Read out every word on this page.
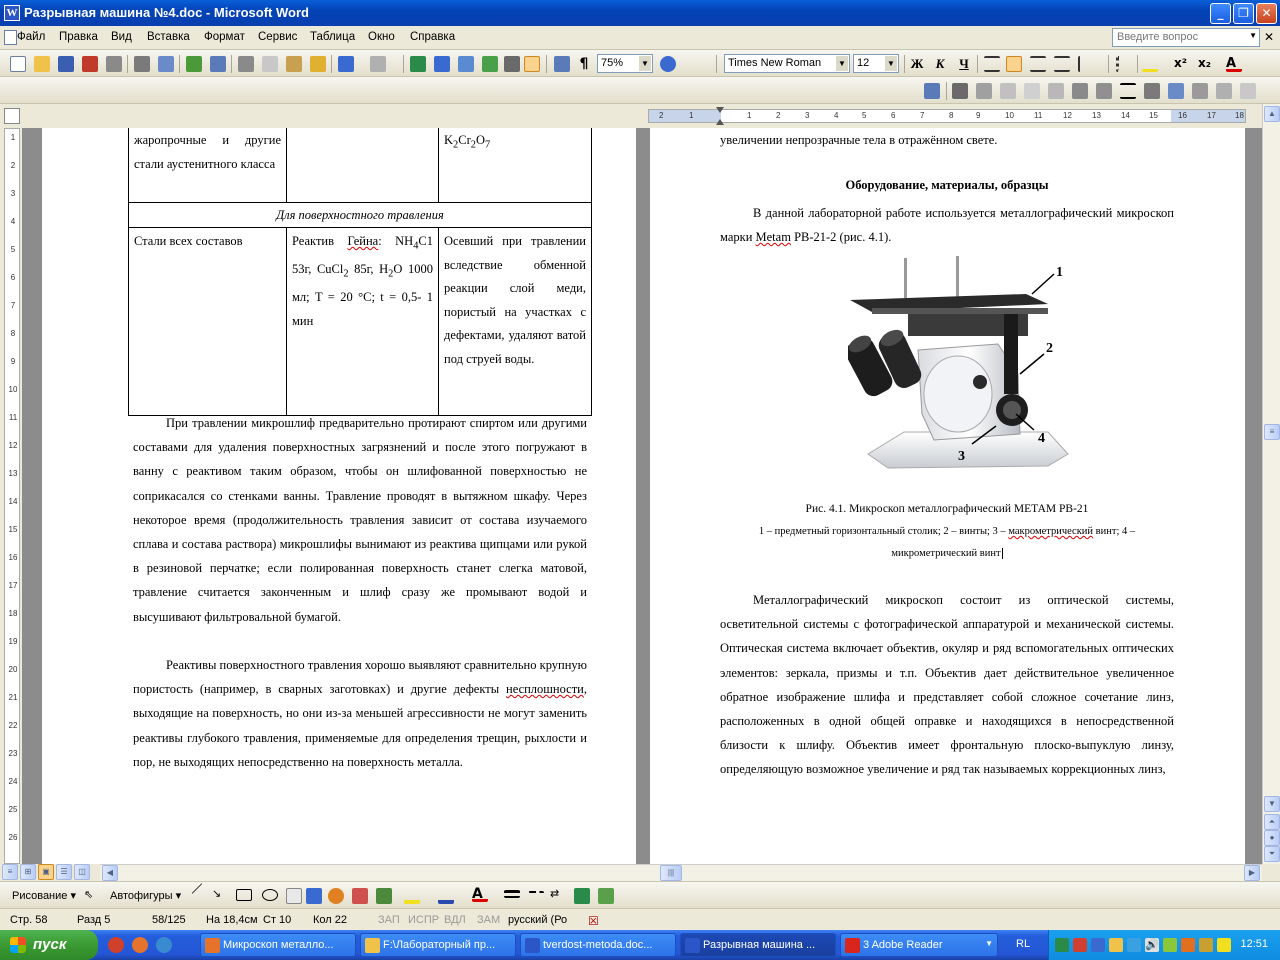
W Разрывная машина №4.doc - Microsoft Word	_	❐	✕
Файл Правка Вид Вставка Формат Сервис Таблица Окно Справка	Введите вопрос	▼ ✕
¶	75% ▼	Times New Roman ▼	12 ▼ Ж К	Ч	x² x₂ A
2	1	1	2	3	4	5	6	7	8	9	10	11	12	13	14 15	16	17 18
1
2
3
4
5
6
7
8
9
10
11
12
13
14
15
16
17
18
19
20
21
22
23
24
25
26
жаропрочные и другие стали аустенитного класса		$K_2Cr_2O_7$
Для поверхностного травления		
Стали всех составов	Реактив Гейна: $NH_4C1$ 53г, CuCl$_2$ 85г, $H_2O$ 1000 мл; T = 20 °C; t = 0,5- 1 мин	Осевший при травлении вследствие обменной реакции слой меди, пористый на участках с дефектами, удаляют ватой под струей воды.
При травлении микрошлиф предварительно протирают спиртом или другими составами для удаления поверхностных загрязнений и после этого погружают в ванну с реактивом таким образом, чтобы он шлифованной поверхностью не соприкасался со стенками ванны. Травление проводят в вытяжном шкафу. Через некоторое время (продолжительность травления зависит от состава изучаемого сплава и состава раствора) микрошлифы вынимают из реактива щипцами или рукой в резиновой перчатке; если полированная поверхность станет слегка матовой, травление считается законченным и шлиф сразу же промывают водой и высушивают фильтровальной бумагой.
Реактивы поверхностного травления хорошо выявляют сравнительно крупную пористость (например, в сварных заготовках) и другие дефекты несплошности, выходящие на поверхность, но они из-за меньшей агрессивности не могут заменить реактивы глубокого травления, применяемые для определения трещин, рыхлости и пор, не выходящих непосредственно на поверхность металла.
увеличении непрозрачные тела в отражённом свете.
Оборудование, материалы, образцы
В данной лабораторной работе используется металлографический микроскоп марки Metam РВ-21-2 (рис. 4.1).
1
2
3
4
Рис. 4.1. Микроскоп металлографический МЕТАМ РВ-21
1 – предметный горизонтальный столик; 2 – винты; 3 – макрометрический винт; 4 – микрометрический винт
Металлографический микроскоп состоит из оптической системы, осветительной системы с фотографической аппаратурой и механической системы. Оптическая система включает объектив, окуляр и ряд вспомогательных оптических элементов: зеркала, призмы и т.п. Объектив дает действительное увеличенное обратное изображение шлифа и представляет собой сложное сочетание линз, расположенных в одной общей оправке и находящихся в непосредственной близости к шлифу. Объектив имеет фронтальную плоско-выпуклую линзу, определяющую возможное увеличение и ряд так называемых коррекционных линз,
▲
≡
▼
⏶
●
⏷
≡	⊞	▣	☰	◫	◀	|||	▶
Рисование ▾ ⇖	Автофигуры ▾	↘	A	⇄
Стр. 58	Разд 5	58/125 На 18,4см Ст 10 Кол 22	ЗАП ИСПР ВДЛ ЗАМ русский (Ро ☒
пуск	Микроскоп металло...	F:\Лабораторный пр...	tverdost-metoda.doc...	Разрывная машина ...	3 Adobe Reader	▼ RL	🔊	12:51
